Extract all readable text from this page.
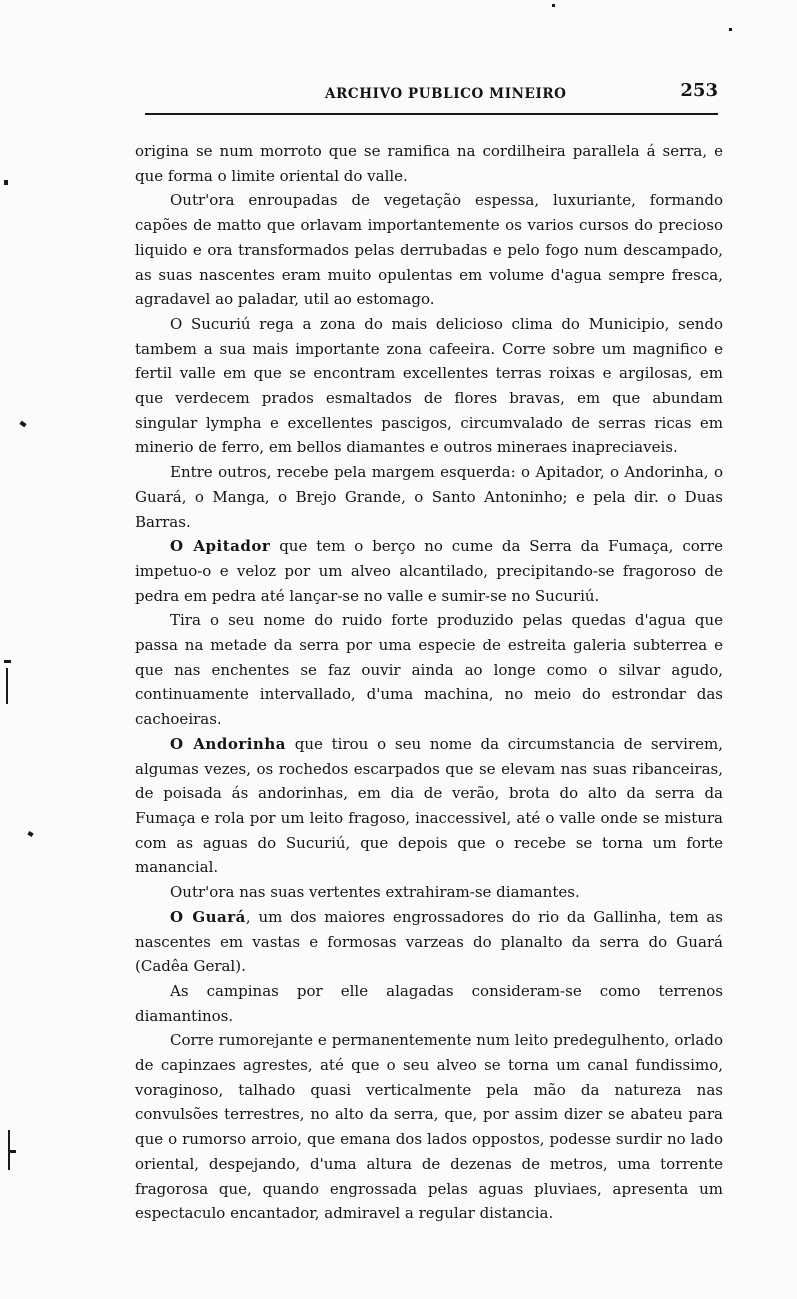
ARCHIVO PUBLICO MINEIRO	253

origina se num morroto que se ramifica na cordilheira parallela á serra, e que forma o limite oriental do valle.

Outr'ora enroupadas de vegetação espessa, luxuriante, formando capões de matto que orlavam importantemente os varios cursos do precioso liquido e ora transformados pelas derrubadas e pelo fogo num descampado, as suas nascentes eram muito opulentas em volume d'agua sempre fresca, agradavel ao paladar, util ao estomago.

O Sucuriú rega a zona do mais delicioso clima do Municipio, sendo tambem a sua mais importante zona cafeeira. Corre sobre um magnifico e fertil valle em que se encontram excellentes terras roixas e argilosas, em que verdecem prados esmaltados de flores bravas, em que abundam singular lympha e excellentes pascigos, circumvalado de serras ricas em minerio de ferro, em bellos diamantes e outros mineraes inapreciaveis.

Entre outros, recebe pela margem esquerda: o Apitador, o Andorinha, o Guará, o Manga, o Brejo Grande, o Santo Antoninho; e pela dir. o Duas Barras.

O Apitador que tem o berço no cume da Serra da Fumaça, corre impetuo-o e veloz por um alveo alcantilado, precipitando-se fragoroso de pedra em pedra até lançar-se no valle e sumir-se no Sucuriú.

Tira o seu nome do ruido forte produzido pelas quedas d'agua que passa na metade da serra por uma especie de estreita galeria subterrea e que nas enchentes se faz ouvir ainda ao longe como o silvar agudo, continuamente intervallado, d'uma machina, no meio do estrondar das cachoeiras.

O Andorinha que tirou o seu nome da circumstancia de servirem, algumas vezes, os rochedos escarpados que se elevam nas suas ribanceiras, de poisada ás andorinhas, em dia de verão, brota do alto da serra da Fumaça e rola por um leito fragoso, inaccessivel, até o valle onde se mistura com as aguas do Sucuriú, que depois que o recebe se torna um forte manancial.

Outr'ora nas suas vertentes extrahiram-se diamantes.

O Guará, um dos maiores engrossadores do rio da Gallinha, tem as nascentes em vastas e formosas varzeas do planalto da serra do Guará (Cadêa Geral).

As campinas por elle alagadas consideram-se como terrenos diamantinos.

Corre rumorejante e permanentemente num leito predegulhento, orlado de capinzaes agrestes, até que o seu alveo se torna um canal fundissimo, voraginoso, talhado quasi verticalmente pela mão da natureza nas convulsões terrestres, no alto da serra, que, por assim dizer se abateu para que o rumorso arroio, que emana dos lados oppostos, podesse surdir no lado oriental, despejando, d'uma altura de dezenas de metros, uma torrente fragorosa que, quando engrossada pelas aguas pluviaes, apresenta um espectaculo encantador, admiravel a regular distancia.
